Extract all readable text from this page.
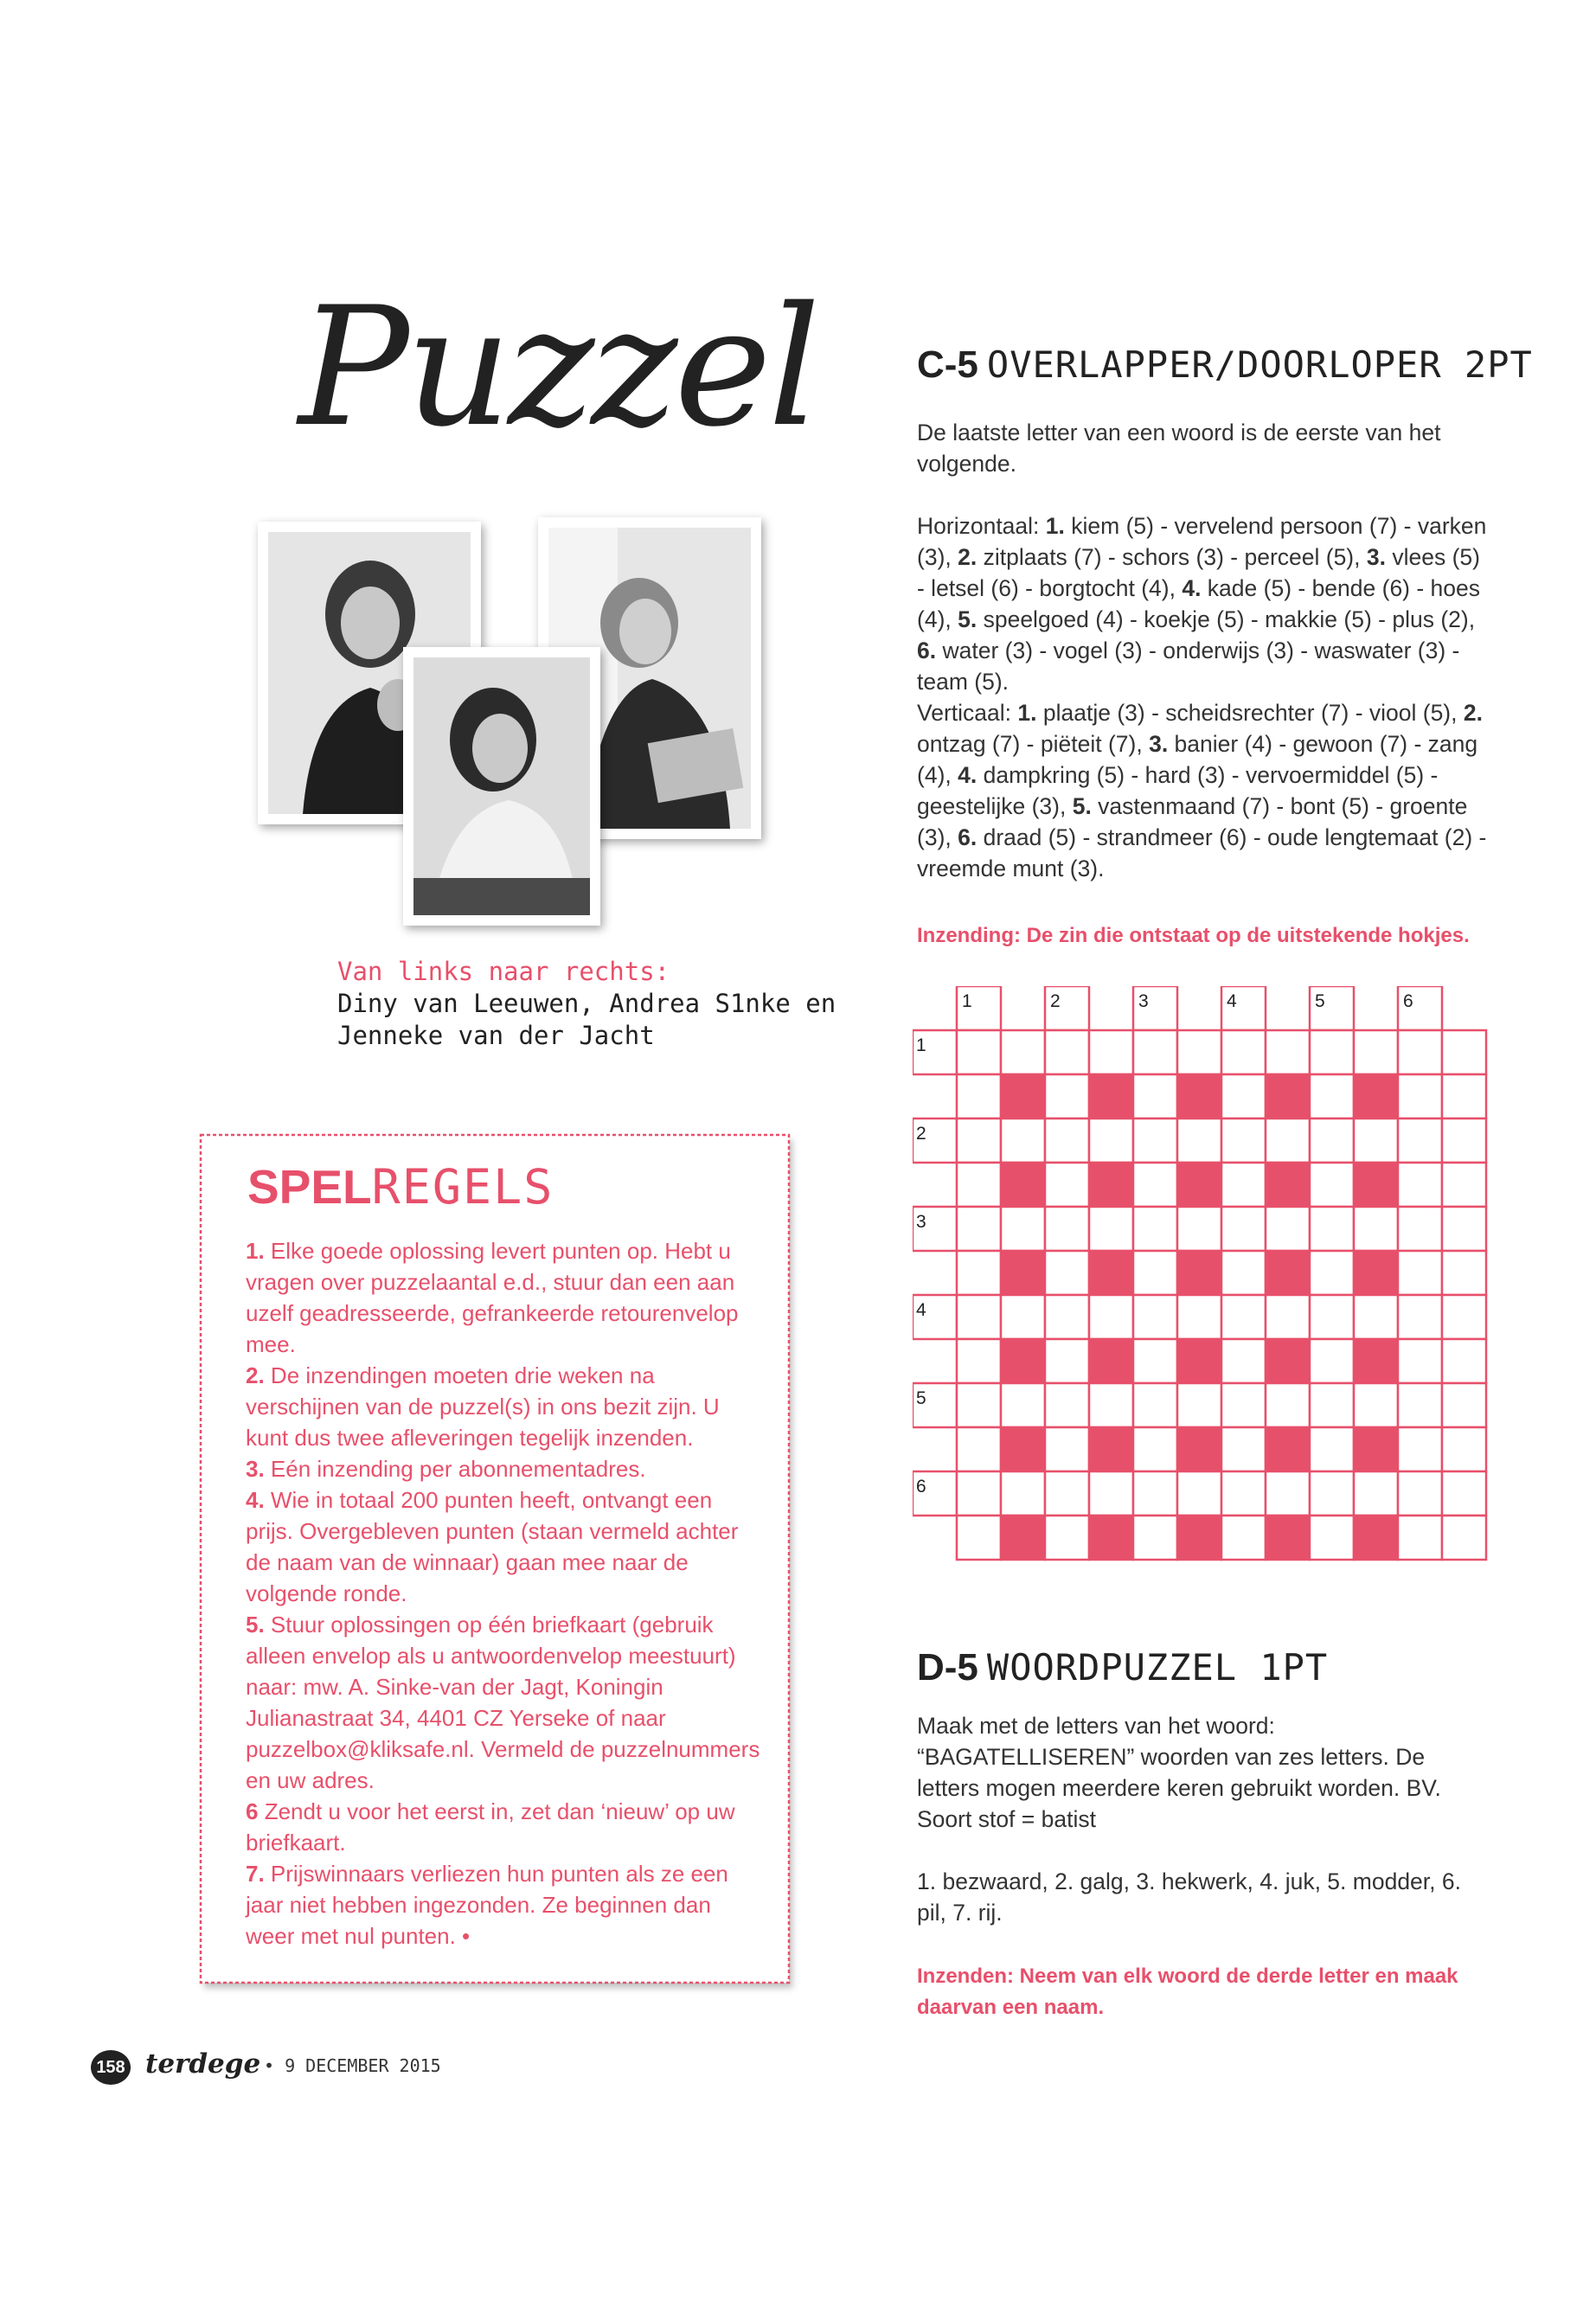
Puzzel
Van links naar rechts:
Diny van Leeuwen, Andrea S1nke en
Jenneke van der Jacht
SPELREGELS

1. Elke goede oplossing levert punten op. Hebt u vragen over puzzelaantal e.d., stuur dan een aan uzelf geadresseerde, gefrankeerde retourenvelop mee.

2. De inzendingen moeten drie weken na verschijnen van de puzzel(s) in ons bezit zijn. U kunt dus twee afleveringen tegelijk inzenden.

3. Eén inzending per abonnementadres.

4. Wie in totaal 200 punten heeft, ontvangt een prijs. Overgebleven punten (staan vermeld achter de naam van de winnaar) gaan mee naar de volgende ronde.

5. Stuur oplossingen op één briefkaart (gebruik alleen envelop als u antwoordenvelop meestuurt) naar: mw. A. Sinke-van der Jagt, Koningin Julianastraat 34, 4401 CZ Yerseke of naar puzzelbox@kliksafe.nl. Vermeld de puzzelnummers en uw adres.

6 Zendt u voor het eerst in, zet dan ‘nieuw’ op uw briefkaart.

7. Prijswinnaars verliezen hun punten als ze een jaar niet hebben ingezonden. Ze beginnen dan weer met nul punten. •

C-5 OVERLAPPER/DOORLOPER 2PT

De laatste letter van een woord is de eerste van het volgende.

Horizontaal: 1. kiem (5) - vervelend persoon (7) - varken (3), 2. zitplaats (7) - schors (3) - perceel (5), 3. vlees (5) - letsel (6) - borgtocht (4), 4. kade (5) - bende (6) - hoes (4), 5. speelgoed (4) - koekje (5) - makkie (5) - plus (2), 6. water (3) - vogel (3) - onderwijs (3) - waswater (3) - team (5).

Verticaal: 1. plaatje (3) - scheidsrechter (7) - viool (5), 2. ontzag (7) - piëteit (7), 3. banier (4) - gewoon (7) - zang (4), 4. dampkring (5) - hard (3) - vervoermiddel (5) - geestelijke (3), 5. vastenmaand (7) - bont (5) - groente (3), 6. draad (5) - strandmeer (6) - oude lengtemaat (2) - vreemde munt (3).

Inzending: De zin die ontstaat op de uitstekende hokjes.
1	2	3	4	5	6
1
2
3
4
5
6
D-5 WOORDPUZZEL 1PT

Maak met de letters van het woord: “BAGATELLISEREN” woorden van zes letters. De letters mogen meerdere keren gebruikt worden. BV. Soort stof = batist

1. bezwaard, 2. galg, 3. hekwerk, 4. juk, 5. modder, 6. pil, 7. rij.

Inzenden: Neem van elk woord de derde letter en maak daarvan een naam.
158 terdege • 9 DECEMBER 2015
